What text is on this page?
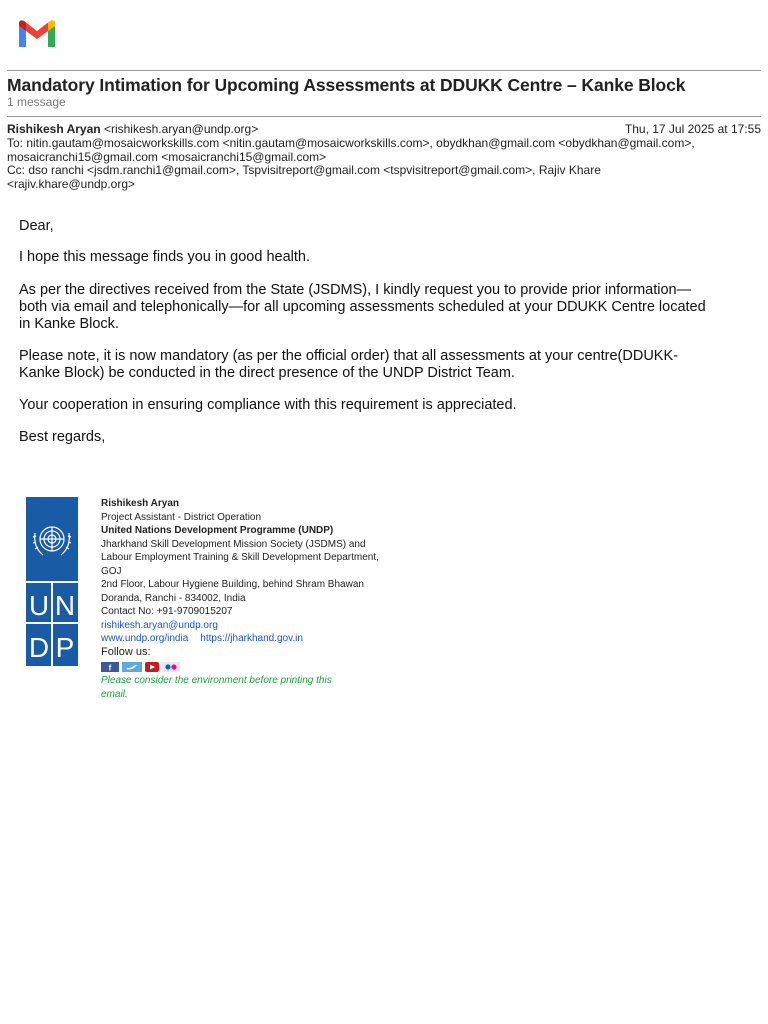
Mandatory Intimation for Upcoming Assessments at DDUKK Centre – Kanke Block
1 message
Rishikesh Aryan <rishikesh.aryan@undp.org>	Thu, 17 Jul 2025 at 17:55
To: nitin.gautam@mosaicworkskills.com <nitin.gautam@mosaicworkskills.com>, obydkhan@gmail.com <obydkhan@gmail.com>,
mosaicranchi15@gmail.com <mosaicranchi15@gmail.com>
Cc: dso ranchi <jsdm.ranchi1@gmail.com>, Tspvisitreport@gmail.com <tspvisitreport@gmail.com>, Rajiv Khare
<rajiv.khare@undp.org>
Dear,
I hope this message finds you in good health.
As per the directives received from the State (JSDMS), I kindly request you to provide prior information—
both via email and telephonically—for all upcoming assessments scheduled at your DDUKK Centre located
in Kanke Block.
Please note, it is now mandatory (as per the official order) that all assessments at your centre(DDUKK-
Kanke Block) be conducted in the direct presence of the UNDP District Team.
Your cooperation in ensuring compliance with this requirement is appreciated.
Best regards,
U N
D P
Rishikesh Aryan
Project Assistant - District Operation
United Nations Development Programme (UNDP)
Jharkhand Skill Development Mission Society (JSDMS) and
Labour Employment Training & Skill Development Department,
GOJ
2nd Floor, Labour Hygiene Building, behind Shram Bhawan
Doranda, Ranchi - 834002, India
Contact No: +91-9709015207
rishikesh.aryan@undp.org
www.undp.org/india https://jharkhand.gov.in
Follow us:
f
Please consider the environment before printing this
email.
